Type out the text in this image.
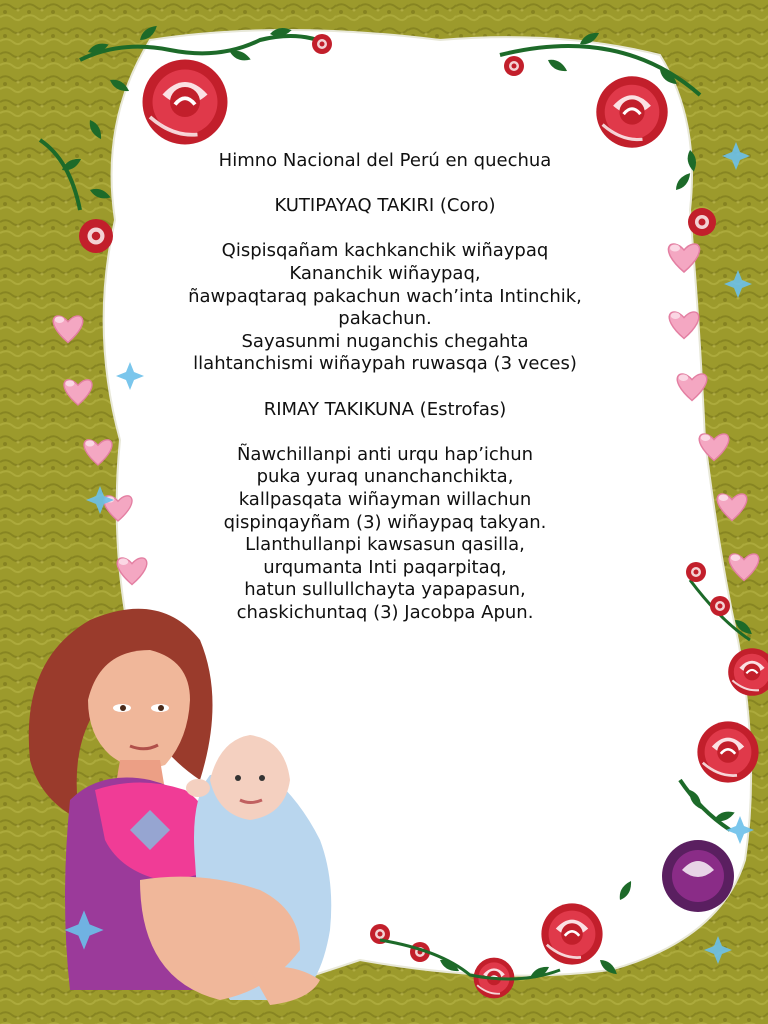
Himno Nacional del Perú en quechua
KUTIPAYAQ TAKIRI (Coro)
Qispisqañam kachkanchik wiñaypaq
Kananchik wiñaypaq,
ñawpaqtaraq pakachun wach’inta Intinchik,
pakachun.
Sayasunmi nuganchis chegahta
llahtanchismi wiñaypah ruwasqa (3 veces)
RIMAY TAKIKUNA (Estrofas)
Ñawchillanpi anti urqu hap’ichun
puka yuraq unanchanchikta,
kallpasqata wiñayman willachun
qispinqayñam (3) wiñaypaq takyan.
Llanthullanpi kawsasun qasilla,
urqumanta Inti paqarpitaq,
hatun sullullchayta yapapasun,
chaskichuntaq (3) Jacobpa Apun.
